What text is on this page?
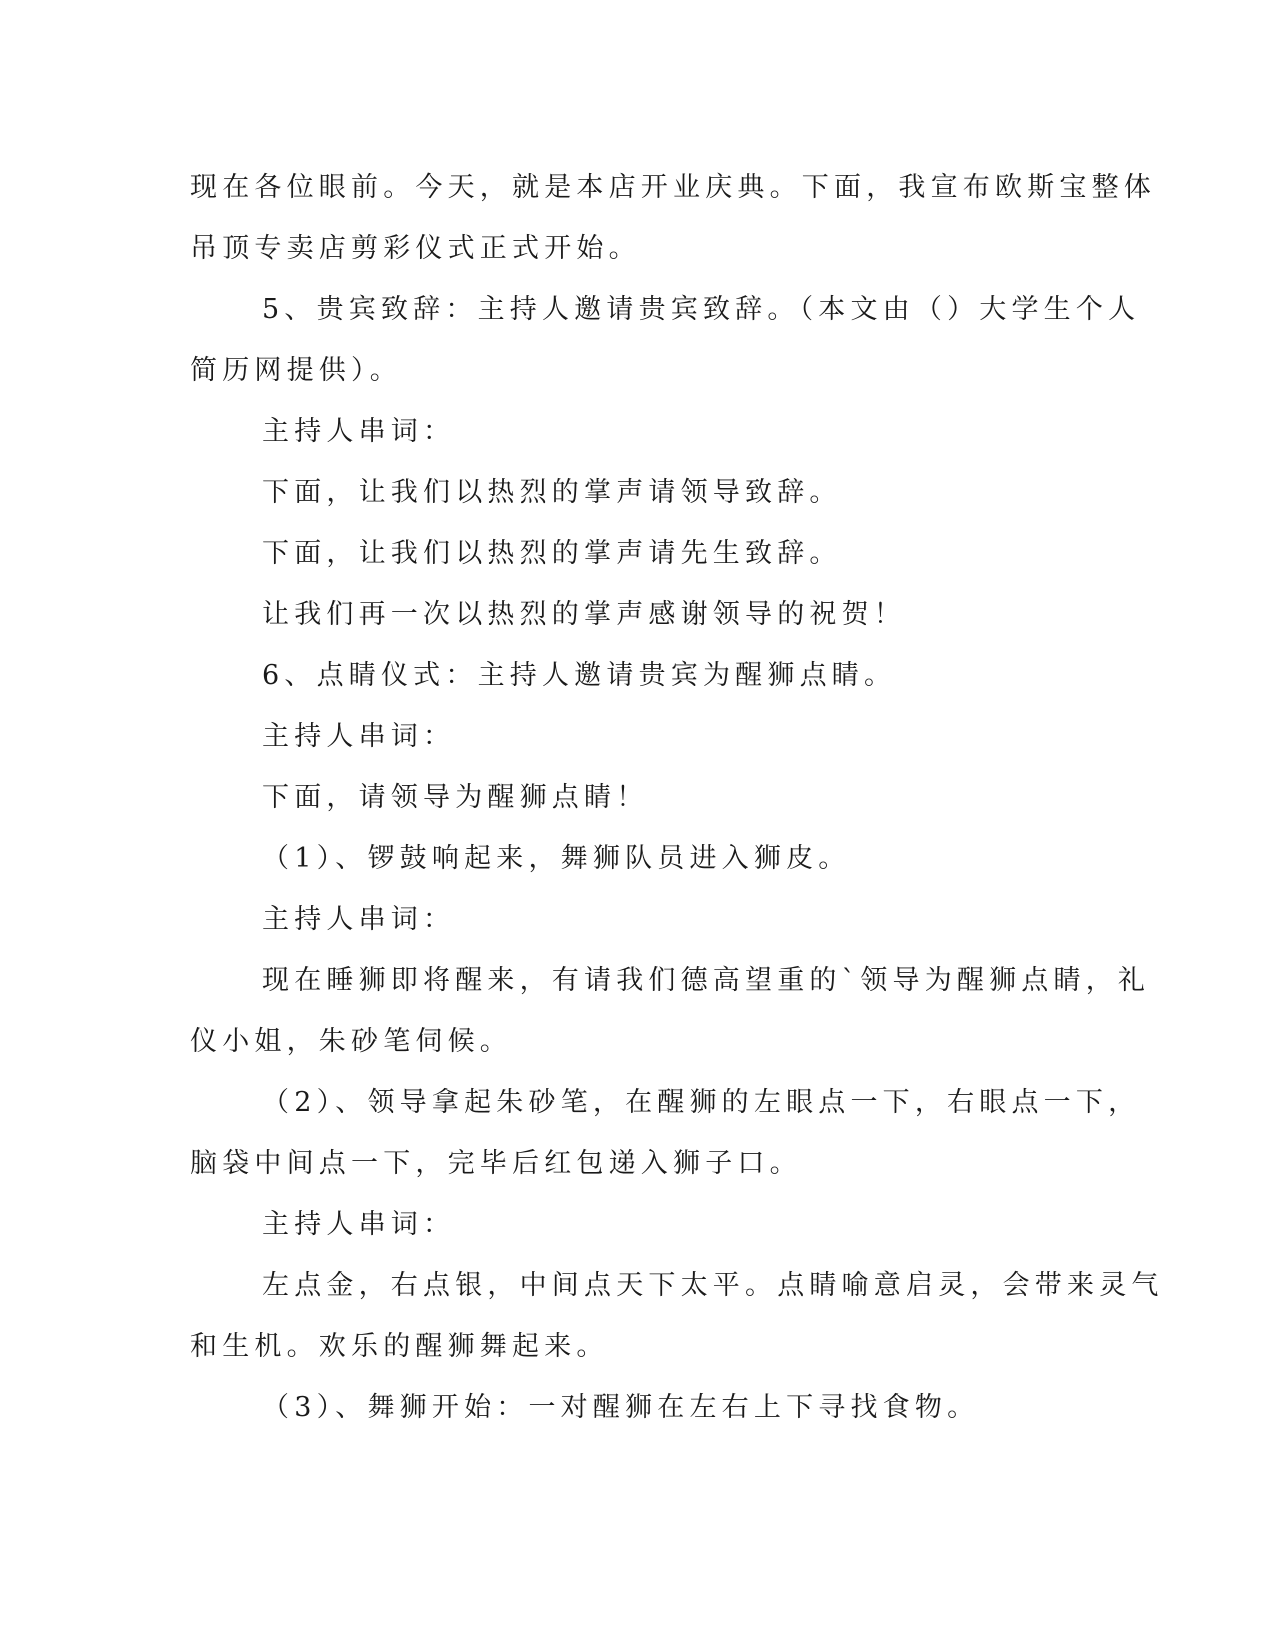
现在各位眼前。今天，就是本店开业庆典。下面，我宣布欧斯宝整体
吊顶专卖店剪彩仪式正式开始。
5、贵宾致辞：主持人邀请贵宾致辞。（本文由（）大学生个人
简历网提供）。
主持人串词：
下面，让我们以热烈的掌声请领导致辞。
下面，让我们以热烈的掌声请先生致辞。
让我们再一次以热烈的掌声感谢领导的祝贺！
6、点睛仪式：主持人邀请贵宾为醒狮点睛。
主持人串词：
下面，请领导为醒狮点睛！
（1）、锣鼓响起来，舞狮队员进入狮皮。
主持人串词：
现在睡狮即将醒来，有请我们德高望重的`领导为醒狮点睛，礼
仪小姐，朱砂笔伺候。
（2）、领导拿起朱砂笔，在醒狮的左眼点一下，右眼点一下，
脑袋中间点一下，完毕后红包递入狮子口。
主持人串词：
左点金，右点银，中间点天下太平。点睛喻意启灵，会带来灵气
和生机。欢乐的醒狮舞起来。
（3）、舞狮开始：一对醒狮在左右上下寻找食物。
